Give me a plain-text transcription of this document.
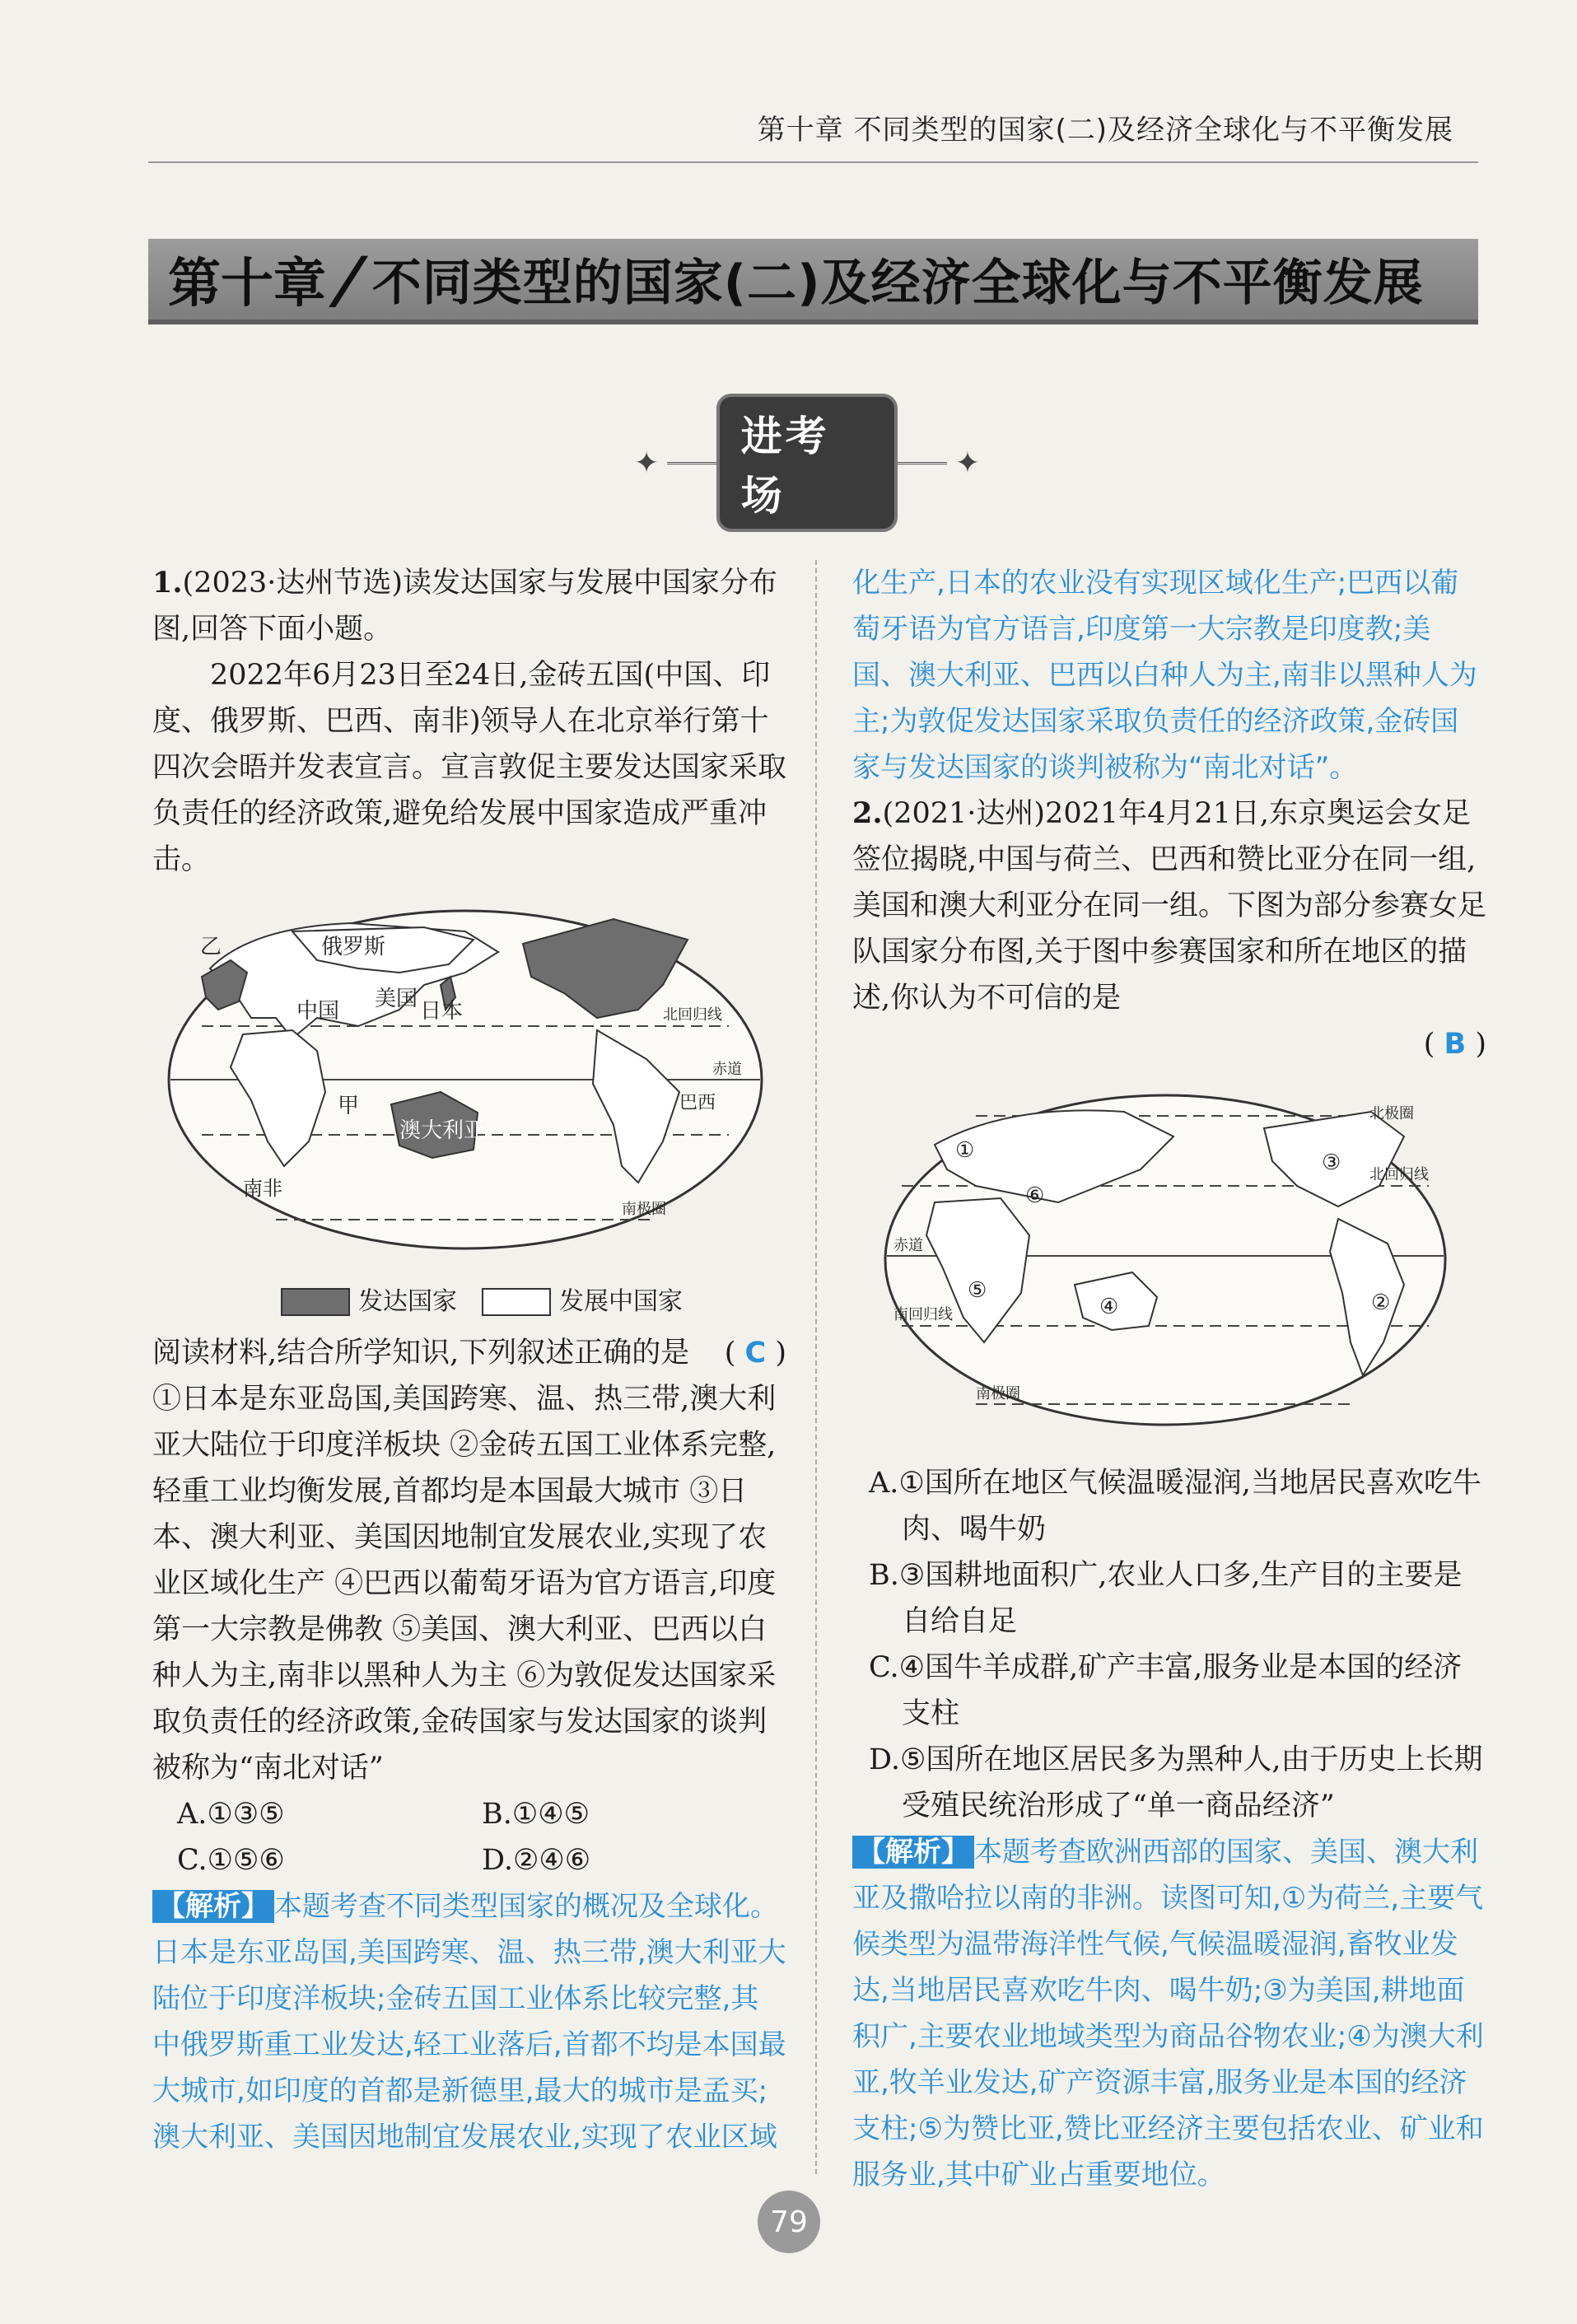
第十章 不同类型的国家(二)及经济全球化与不平衡发展
第十章 / 不同类型的国家(二)及经济全球化与不平衡发展
✦
进考场
✦

1.(2023·达州节选)读发达国家与发展中国家分布图,回答下面小题。

2022年6月23日至24日,金砖五国(中国、印度、俄罗斯、巴西、南非)领导人在北京举行第十四次会晤并发表宣言。宣言敦促主要发达国家采取负责任的经济政策,避免给发展中国家造成严重冲击。

乙	俄罗斯
美国
中国	日本	北回归线
赤道
巴西
甲
澳大利亚
南非
南极圈
发达国家	发展中国家
阅读材料,结合所学知识,下列叙述正确的是 ( C )

①日本是东亚岛国,美国跨寒、温、热三带,澳大利亚大陆位于印度洋板块 ②金砖五国工业体系完整,轻重工业均衡发展,首都均是本国最大城市 ③日本、澳大利亚、美国因地制宜发展农业,实现了农业区域化生产 ④巴西以葡萄牙语为官方语言,印度第一大宗教是佛教 ⑤美国、澳大利亚、巴西以白种人为主,南非以黑种人为主 ⑥为敦促发达国家采取负责任的经济政策,金砖国家与发达国家的谈判被称为“南北对话”

A.①③⑤	B.①④⑤
C.①⑤⑥	D.②④⑥

【解析】 本题考查不同类型国家的概况及全球化。日本是东亚岛国,美国跨寒、温、热三带,澳大利亚大陆位于印度洋板块;金砖五国工业体系比较完整,其中俄罗斯重工业发达,轻工业落后,首都不均是本国最大城市,如印度的首都是新德里,最大的城市是孟买;澳大利亚、美国因地制宜发展农业,实现了农业区域

化生产,日本的农业没有实现区域化生产;巴西以葡萄牙语为官方语言,印度第一大宗教是印度教;美国、澳大利亚、巴西以白种人为主,南非以黑种人为主;为敦促发达国家采取负责任的经济政策,金砖国家与发达国家的谈判被称为“南北对话”。

2.(2021·达州)2021年4月21日,东京奥运会女足签位揭晓,中国与荷兰、巴西和赞比亚分在同一组,美国和澳大利亚分在同一组。下图为部分参赛女足队国家分布图,关于图中参赛国家和所在地区的描述,你认为不可信的是

( B )
北极圈
北回归线
赤道
南回归线
南极圈
①
②
③
④
⑤
⑥

A.①国所在地区气候温暖湿润,当地居民喜欢吃牛肉、喝牛奶

B.③国耕地面积广,农业人口多,生产目的主要是自给自足

C.④国牛羊成群,矿产丰富,服务业是本国的经济支柱

D.⑤国所在地区居民多为黑种人,由于历史上长期受殖民统治形成了“单一商品经济”

【解析】 本题考查欧洲西部的国家、美国、澳大利亚及撒哈拉以南的非洲。读图可知,①为荷兰,主要气候类型为温带海洋性气候,气候温暖湿润,畜牧业发达,当地居民喜欢吃牛肉、喝牛奶;③为美国,耕地面积广,主要农业地域类型为商品谷物农业;④为澳大利亚,牧羊业发达,矿产资源丰富,服务业是本国的经济支柱;⑤为赞比亚,赞比亚经济主要包括农业、矿业和服务业,其中矿业占重要地位。

79
